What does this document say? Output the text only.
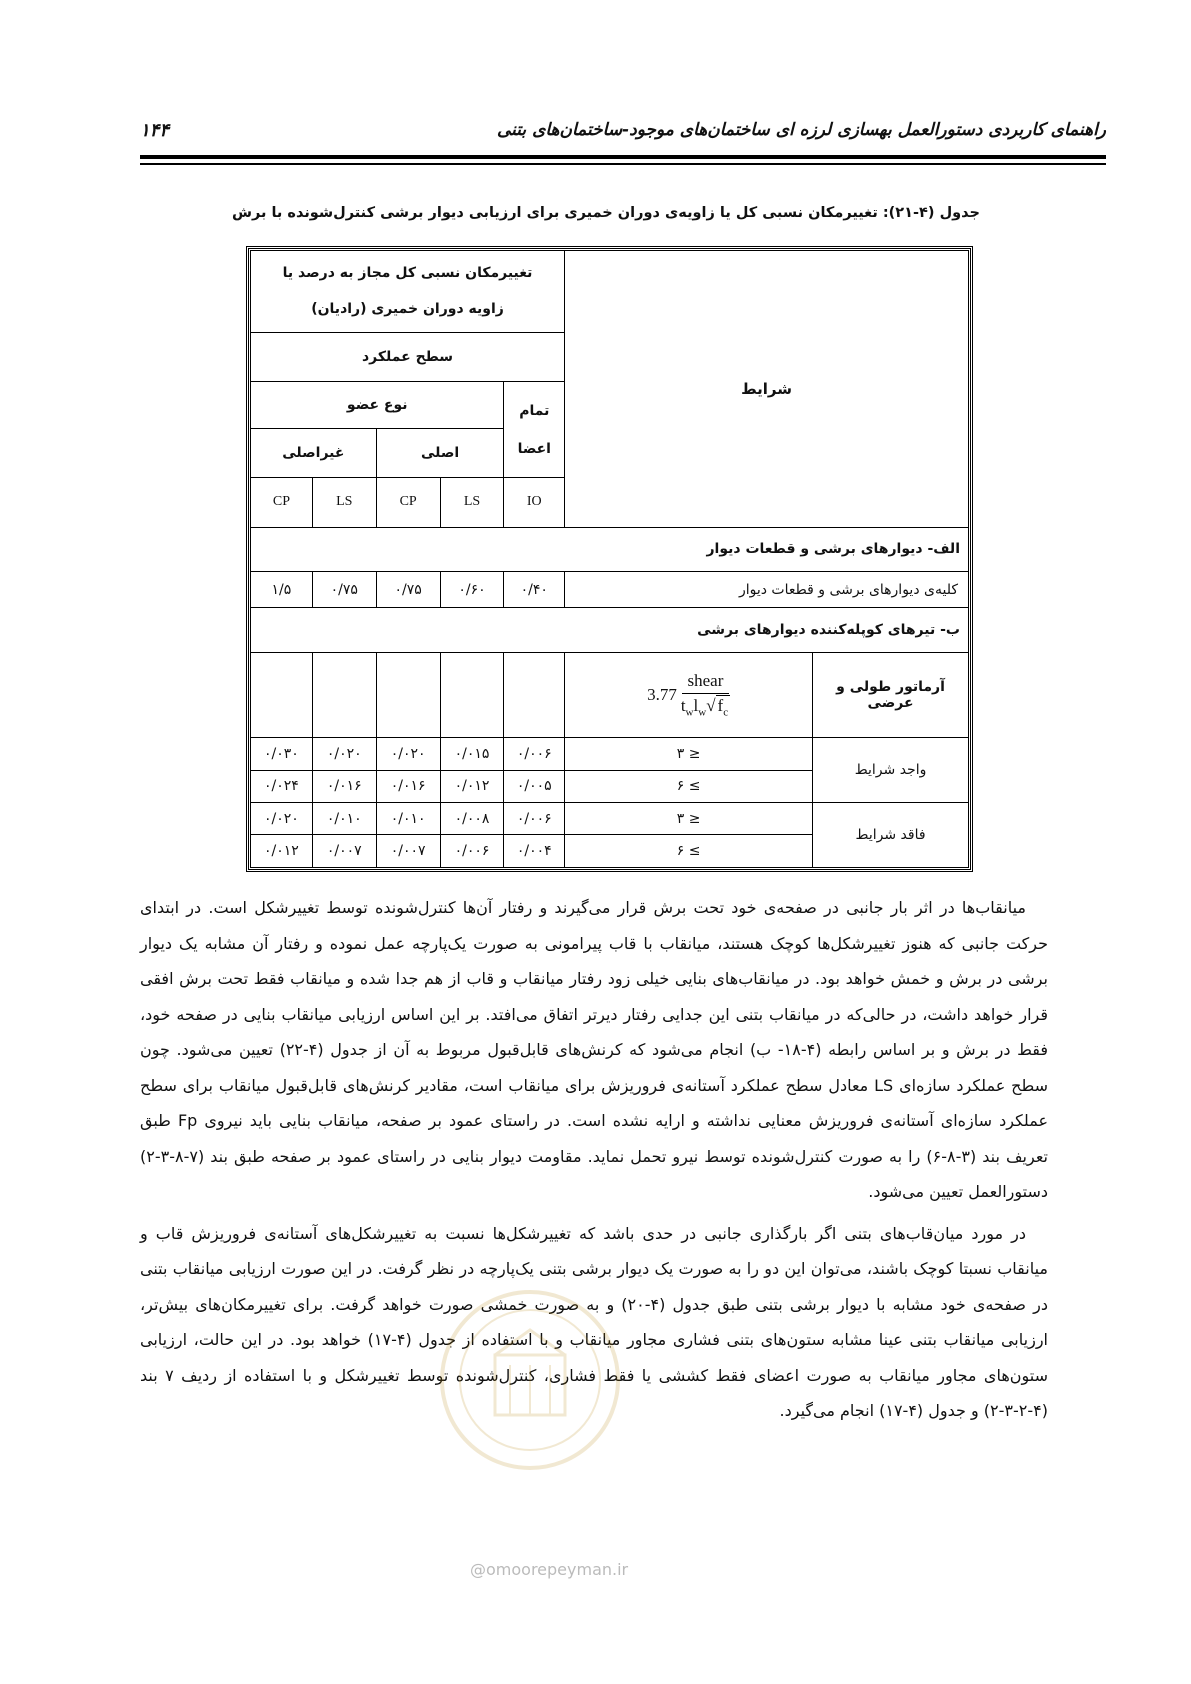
راهنمای کاربردی دستورالعمل بهسازی لرزه ای ساختمان‌های موجود-ساختمان‌های بتنی
۱۴۴
جدول (۴-۲۱): تغییرمکان نسبی کل یا زاویه‌ی دوران خمیری برای ارزیابی دیوار برشی کنترل‌شونده با برش
شرایط		تغییرمکان نسبی کل مجاز به درصد یا زاویه دوران خمیری (رادیان)				
		سطح عملکرد				
		تمام اعضا	نوع عضو			
			اصلی		غیراصلی	
		IO	LS	CP	LS	CP
الف- دیوارهای برشی و قطعات دیوار						
کلیه‌ی دیوارهای برشی و قطعات دیوار		۰/۴۰	۰/۶۰	۰/۷۵	۰/۷۵	۱/۵
ب- تیرهای کوپله‌کننده دیوارهای برشی						
آرماتور طولی و عرضی	$3.77 \frac{\text{shear}}{t_wl_w√ f_c}$

واجد شرایط	≤ ۳	۰/۰۰۶	۰/۰۱۵	۰/۰۲۰	۰/۰۲۰	۰/۰۳۰
	≥ ۶	۰/۰۰۵	۰/۰۱۲	۰/۰۱۶	۰/۰۱۶	۰/۰۲۴
فاقد شرایط	≤ ۳	۰/۰۰۶	۰/۰۰۸	۰/۰۱۰	۰/۰۱۰	۰/۰۲۰
	≥ ۶	۰/۰۰۴	۰/۰۰۶	۰/۰۰۷	۰/۰۰۷	۰/۰۱۲

میانقاب‌ها در اثر بار جانبی در صفحه‌ی خود تحت برش قرار می‌گیرند و رفتار آن‌ها کنترل‌شونده توسط تغییرشکل است. در ابتدای حرکت جانبی که هنوز تغییرشکل‌ها کوچک هستند، میانقاب با قاب پیرامونی به صورت یک‌پارچه عمل نموده و رفتار آن مشابه یک دیوار برشی در برش و خمش خواهد بود. در میانقاب‌های بنایی خیلی زود رفتار میانقاب و قاب از هم جدا شده و میانقاب فقط تحت برش افقی قرار خواهد داشت، در حالی‌که در میانقاب بتنی این جدایی رفتار دیرتر اتفاق می‌افتد. بر این اساس ارزیابی میانقاب بنایی در صفحه خود، فقط در برش و بر اساس رابطه (۴-۱۸- ب) انجام می‌شود که کرنش‌های قابل‌قبول مربوط به آن از جدول (۴-۲۲) تعیین می‌شود. چون سطح عملکرد سازه‌ای LS معادل سطح عملکرد آستانه‌ی فروریزش برای میانقاب است، مقادیر کرنش‌های قابل‌قبول میانقاب برای سطح عملکرد سازه‌ای آستانه‌ی فروریزش معنایی نداشته و ارایه نشده است. در راستای عمود بر صفحه، میانقاب بنایی باید نیروی Fp طبق تعریف بند (۳-۸-۶) را به صورت کنترل‌شونده توسط نیرو تحمل نماید. مقاومت دیوار بنایی در راستای عمود بر صفحه طبق بند (۷-۸-۳-۲) دستورالعمل تعیین می‌شود.

در مورد میان‌قاب‌های بتنی اگر بارگذاری جانبی در حدی باشد که تغییرشکل‌ها نسبت به تغییرشکل‌های آستانه‌ی فروریزش قاب و میانقاب نسبتا کوچک باشند، می‌توان این دو را به صورت یک دیوار برشی بتنی یک‌پارچه در نظر گرفت. در این صورت ارزیابی میانقاب بتنی در صفحه‌ی خود مشابه با دیوار برشی بتنی طبق جدول (۴-۲۰) و به صورت خمشی صورت خواهد گرفت. برای تغییرمکان‌های بیش‌تر، ارزیابی میانقاب بتنی عینا مشابه ستون‌های بتنی فشاری مجاور میانقاب و با استفاده از جدول (۴-۱۷) خواهد بود. در این حالت، ارزیابی ستون‌های مجاور میانقاب به صورت اعضای فقط کششی یا فقط فشاری، کنترل‌شونده توسط تغییرشکل و با استفاده از ردیف ۷ بند (۴-۲-۳-۲) و جدول (۴-۱۷) انجام می‌گیرد.

@omoorepeyman.ir
